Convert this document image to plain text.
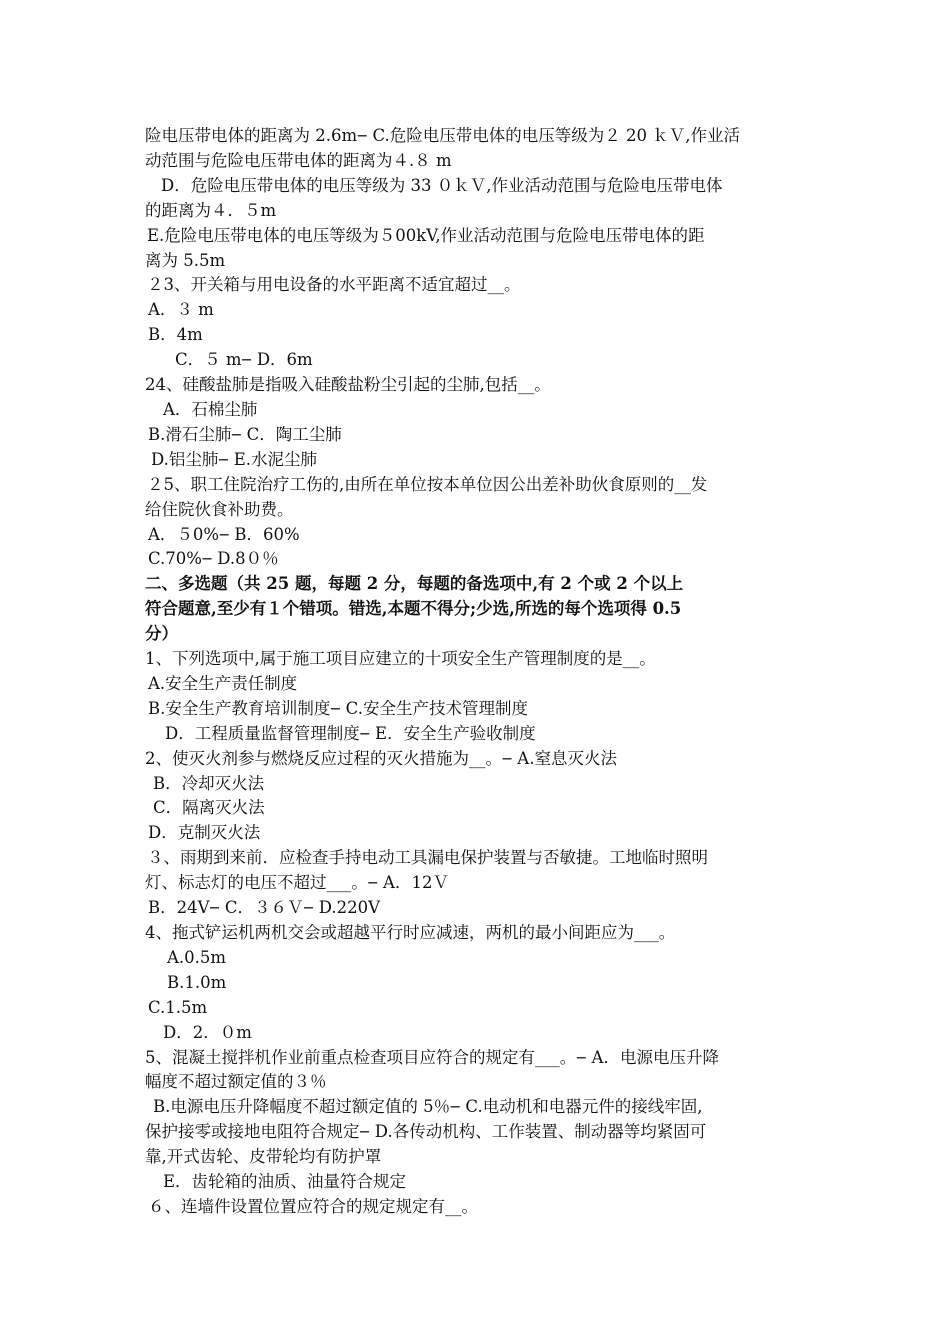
险电压带电体的距离为 2.6m౼ C.危险电压带电体的电压等级为２ 20 ｋＶ,作业活
动范围与危险电压带电体的距离为４.８ m
D．危险电压带电体的电压等级为 33 ０ｋＶ,作业活动范围与危险电压带电体
的距离为４．５m
E.危险电压带电体的电压等级为５00kV,作业活动范围与危险电压带电体的距
离为 5.5m
２3、开关箱与用电设备的水平距离不适宜超过__。
A．３ m
B．4m
C．５ m౼ D．6m
24、硅酸盐肺是指吸入硅酸盐粉尘引起的尘肺,包括__。
A．石棉尘肺
B.滑石尘肺౼ C．陶工尘肺
D.铝尘肺౼ E.水泥尘肺
２5、职工住院治疗工伤的,由所在单位按本单位因公出差补助伙食原则的__发
给住院伙食补助费。
A．５0%౼ B．60%
C.70%౼ D.8０％
二、多选题（共 25 题，每题 2 分，每题的备选项中,有 2 个或 2 个以上
符合题意,至少有１个错项。错选,本题不得分;少选,所选的每个选项得 0.5
分）
1、下列选项中,属于施工项目应建立的十项安全生产管理制度的是__。
A.安全生产责任制度
B.安全生产教育培训制度౼ C.安全生产技术管理制度
D．工程质量监督管理制度౼ E．安全生产验收制度
2、使灭火剂参与燃烧反应过程的灭火措施为__。౼ A.窒息灭火法
B．冷却灭火法
C．隔离灭火法
D．克制灭火法
３、雨期到来前．应检查手持电动工具漏电保护装置与否敏捷。工地临时照明
灯、标志灯的电压不超过___。౼ A．12Ｖ
B．24V౼ C．３６Ｖ౼ D.220V
4、拖式铲运机两机交会或超越平行时应减速，两机的最小间距应为___。
A.0.5m
B.1.0m
C.1.5m
D．2．０m
5、混凝土搅拌机作业前重点检查项目应符合的规定有___。౼ A．电源电压升降
幅度不超过额定值的３％
B.电源电压升降幅度不超过额定值的 5％౼ C.电动机和电器元件的接线牢固,
保护接零或接地电阻符合规定౼ D.各传动机构、工作装置、制动器等均紧固可
靠,开式齿轮、皮带轮均有防护罩
E．齿轮箱的油质、油量符合规定
６、连墙件设置位置应符合的规定规定有__。
